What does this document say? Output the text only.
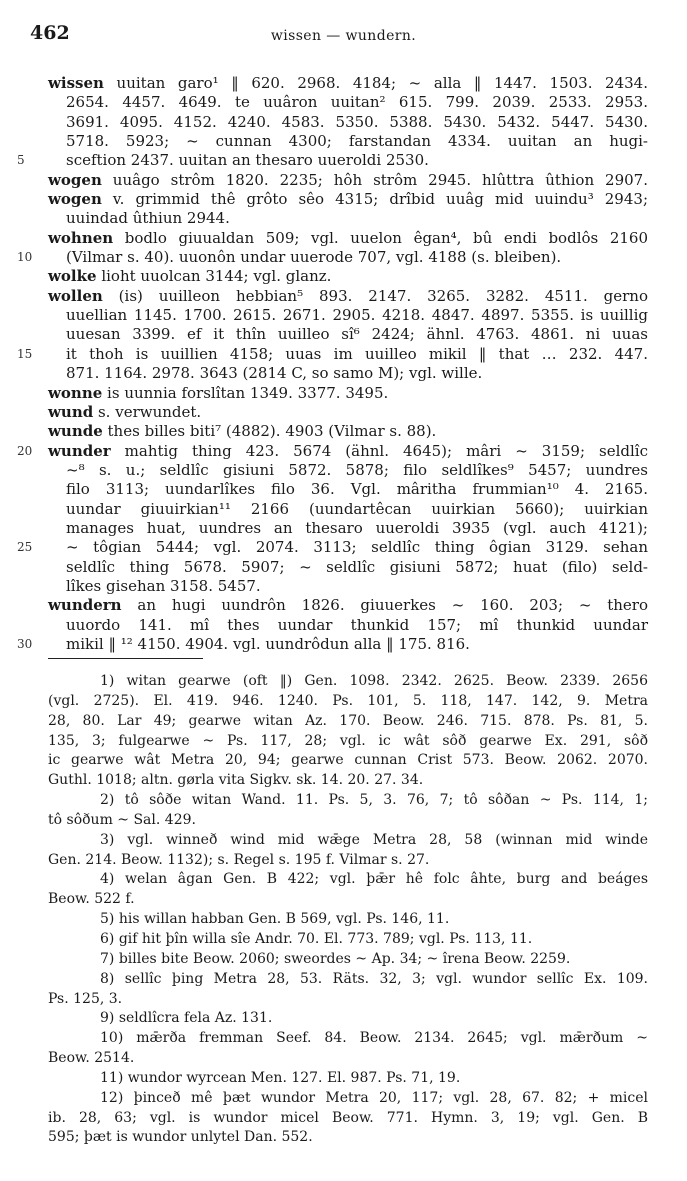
462	wissen — wundern.
wissen uuitan garo¹ ‖ 620. 2968. 4184; ~ alla ‖ 1447. 1503. 2434.
2654. 4457. 4649. te uuâron uuitan² 615. 799. 2039. 2533. 2953.
3691. 4095. 4152. 4240. 4583. 5350. 5388. 5430. 5432. 5447. 5430.
5718. 5923; ~ cunnan 4300; farstandan 4334. uuitan an hugi-
5	sceftion 2437. uuitan an thesaro uueroldi 2530.
wogen uuâgo strôm 1820. 2235; hôh strôm 2945. hlûttra ûthion 2907.
wogen v. grimmid thê grôto sêo 4315; drîbid uuâg mid uuindu³ 2943;
uuindad ûthiun 2944.
wohnen bodlo giuualdan 509; vgl. uuelon êgan⁴, bû endi bodlôs 2160
10	(Vilmar s. 40). uuonôn undar uuerode 707, vgl. 4188 (s. bleiben).
wolke lioht uuolcan 3144; vgl. glanz.
wollen (is) uuilleon hebbian⁵ 893. 2147. 3265. 3282. 4511. gerno
uuellian 1145. 1700. 2615. 2671. 2905. 4218. 4847. 4897. 5355. is uuillig
uuesan 3399. ef it thîn uuilleo sî⁶ 2424; ähnl. 4763. 4861. ni uuas
15	it thoh is uuillien 4158; uuas im uuilleo mikil ‖ that … 232. 447.
871. 1164. 2978. 3643 (2814 C, so samo M); vgl. wille.
wonne is uunnia forslîtan 1349. 3377. 3495.
wund s. verwundet.
wunde thes billes biti⁷ (4882). 4903 (Vilmar s. 88).
20	wunder mahtig thing 423. 5674 (ähnl. 4645); mâri ~ 3159; seldlîc
~⁸ s. u.; seldlîc gisiuni 5872. 5878; filo seldlîkes⁹ 5457; uundres
filo 3113; uundarlîkes filo 36. Vgl. mâritha frummian¹⁰ 4. 2165.
uundar giuuirkian¹¹ 2166 (uundartêcan uuirkian 5660); uuirkian
manages huat, uundres an thesaro uueroldi 3935 (vgl. auch 4121);
25	~ tôgian 5444; vgl. 2074. 3113; seldlîc thing ôgian 3129. sehan
seldlîc thing 5678. 5907; ~ seldlîc gisiuni 5872; huat (filo) seld-
lîkes gisehan 3158. 5457.
wundern an hugi uundrôn 1826. giuuerkes ~ 160. 203; ~ thero
uuordo 141. mî thes uundar thunkid 157; mî thunkid uundar
30	mikil ‖ ¹² 4150. 4904. vgl. uundrôdun alla ‖ 175. 816.
1) witan gearwe (oft ‖) Gen. 1098. 2342. 2625. Beow. 2339. 2656
(vgl. 2725). El. 419. 946. 1240. Ps. 101, 5. 118, 147. 142, 9. Metra
28, 80. Lar 49; gearwe witan Az. 170. Beow. 246. 715. 878. Ps. 81, 5.
135, 3; fulgearwe ~ Ps. 117, 28; vgl. ic wât sôð gearwe Ex. 291, sôð
ic gearwe wât Metra 20, 94; gearwe cunnan Crist 573. Beow. 2062. 2070.
Guthl. 1018; altn. gørla vita Sigkv. sk. 14. 20. 27. 34.
2) tô sôðe witan Wand. 11. Ps. 5, 3. 76, 7; tô sôðan ~ Ps. 114, 1;
tô sôðum ~ Sal. 429.
3) vgl. winneð wind mid wǣge Metra 28, 58 (winnan mid winde
Gen. 214. Beow. 1132); s. Regel s. 195 f. Vilmar s. 27.
4) welan âgan Gen. B 422; vgl. þǣr hê folc âhte, burg and beáges
Beow. 522 f.
5) his willan habban Gen. B 569, vgl. Ps. 146, 11.
6) gif hit þîn willa sîe Andr. 70. El. 773. 789; vgl. Ps. 113, 11.
7) billes bite Beow. 2060; sweordes ~ Ap. 34; ~ îrena Beow. 2259.
8) sellîc þing Metra 28, 53. Räts. 32, 3; vgl. wundor sellîc Ex. 109.
Ps. 125, 3.
9) seldlîcra fela Az. 131.
10) mǣrða fremman Seef. 84. Beow. 2134. 2645; vgl. mǣrðum ~
Beow. 2514.
11) wundor wyrcean Men. 127. El. 987. Ps. 71, 19.
12) þinceð mê þæt wundor Metra 20, 117; vgl. 28, 67. 82; + micel
ib. 28, 63; vgl. is wundor micel Beow. 771. Hymn. 3, 19; vgl. Gen. B
595; þæt is wundor unlytel Dan. 552.
